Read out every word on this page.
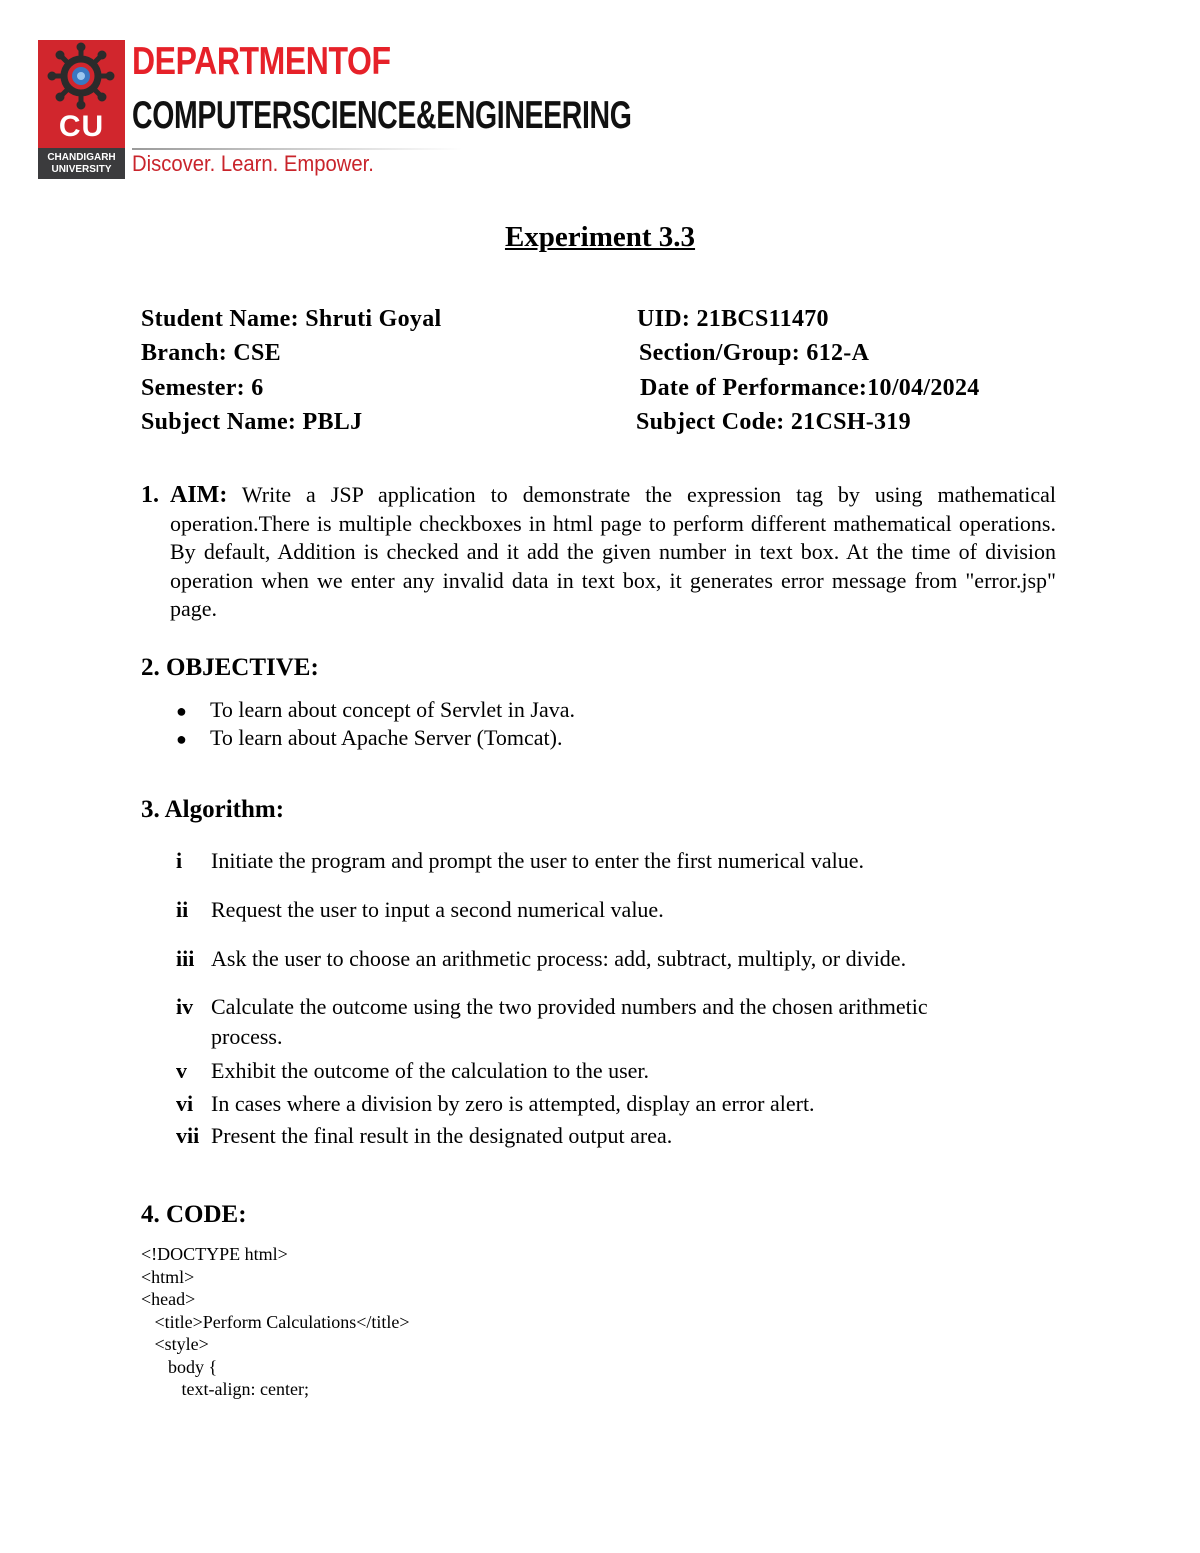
CU
CHANDIGARH
UNIVERSITY
DEPARTMENTOF
COMPUTERSCIENCE&ENGINEERING
Discover. Learn. Empower.
Experiment 3.3
Student Name: Shruti Goyal	UID: 21BCS11470
Branch: CSE	Section/Group: 612-A
Semester: 6	Date of Performance:10/04/2024
Subject Name: PBLJ	Subject Code: 21CSH-319
1. AIM: Write a JSP application to demonstrate the expression tag by using mathematical operation.There is multiple checkboxes in html page to perform different mathematical operations. By default, Addition is checked and it add the given number in text box. At the time of division operation when we enter any invalid data in text box, it generates error message from "error.jsp" page.
2. OBJECTIVE:
● To learn about concept of Servlet in Java.
● To learn about Apache Server (Tomcat).
3. Algorithm:
i Initiate the program and prompt the user to enter the first numerical value.
ii Request the user to input a second numerical value.
iii Ask the user to choose an arithmetic process: add, subtract, multiply, or divide.
iv Calculate the outcome using the two provided numbers and the chosen arithmetic process.
v Exhibit the outcome of the calculation to the user.
vi In cases where a division by zero is attempted, display an error alert.
vii Present the final result in the designated output area.
4. CODE:
<!DOCTYPE html>
<html>
<head>
<title>Perform Calculations</title>
<style>
body {
text-align: center;
